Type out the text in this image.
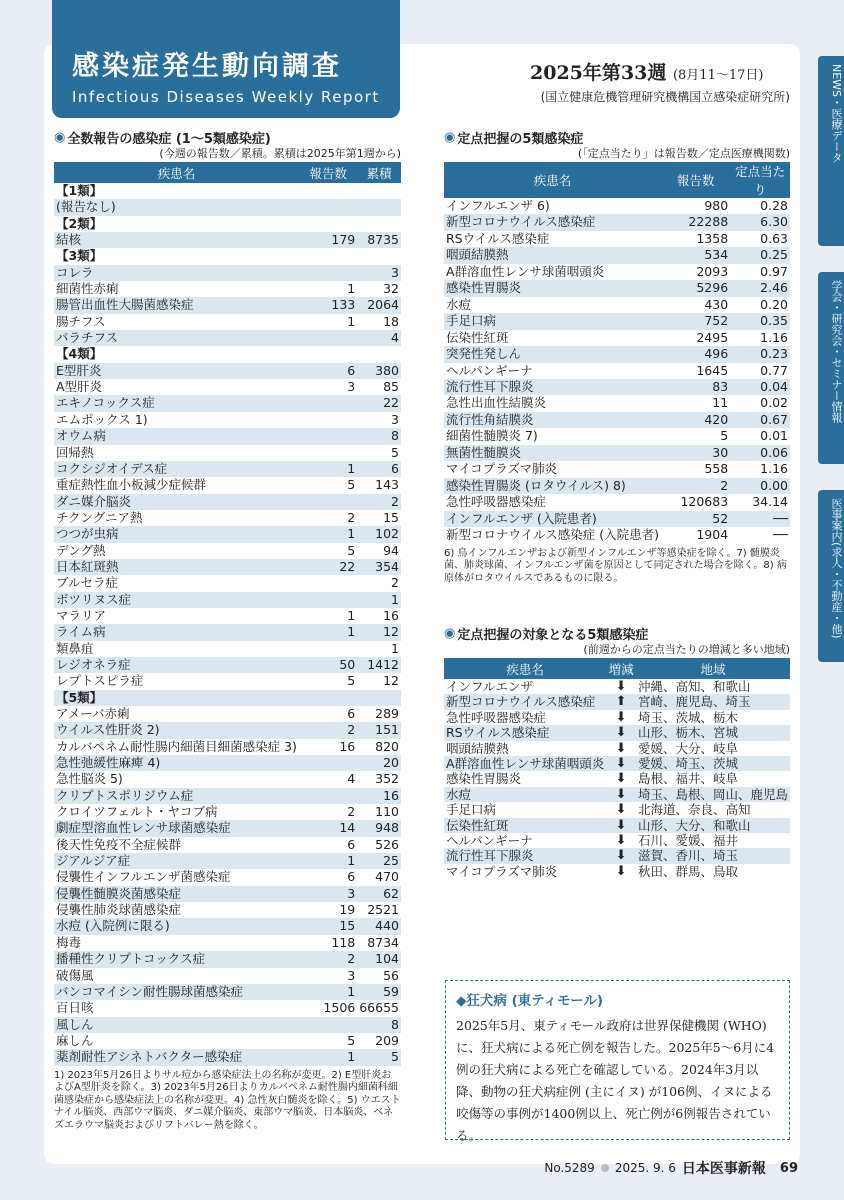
感染症発生動向調査
Infectious Diseases Weekly Report
2025年第33週 (8月11～17日)
(国立健康危機管理研究機構国立感染症研究所)	NEWS・医療データ
学会・研究会・セミナー情報
医事案内(求人・不動産・他)
◉ 全数報告の感染症 (1～5類感染症)
(今週の報告数／累積。累積は2025年第1週から)
疾患名	報告数	累積
【1類】		
(報告なし)		
【2類】		
結核	179	8735
【3類】		
コレラ		3
細菌性赤痢	1	32
腸管出血性大腸菌感染症	133	2064
腸チフス	1	18
パラチフス		4
【4類】		
E型肝炎	6	380
A型肝炎	3	85
エキノコックス症		22
エムポックス 1)		3
オウム病		8
回帰熱		5
コクシジオイデス症	1	6
重症熱性血小板減少症候群	5	143
ダニ媒介脳炎		2
チクングニア熱	2	15
つつが虫病	1	102
デング熱	5	94
日本紅斑熱	22	354
ブルセラ症		2
ボツリヌス症		1
マラリア	1	16
ライム病	1	12
類鼻疽		1
レジオネラ症	50	1412
レプトスピラ症	5	12
【5類】		
アメーバ赤痢	6	289
ウイルス性肝炎 2)	2	151
カルバペネム耐性腸内細菌目細菌感染症 3)	16	820
急性弛緩性麻痺 4)		20
急性脳炎 5)	4	352
クリプトスポリジウム症		16
クロイツフェルト・ヤコブ病	2	110
劇症型溶血性レンサ球菌感染症	14	948
後天性免疫不全症候群	6	526
ジアルジア症	1	25
侵襲性インフルエンザ菌感染症	6	470
侵襲性髄膜炎菌感染症	3	62
侵襲性肺炎球菌感染症	19	2521
水痘 (入院例に限る)	15	440
梅毒	118	8734
播種性クリプトコックス症	2	104
破傷風	3	56
バンコマイシン耐性腸球菌感染症	1	59
百日咳	1506	66655
風しん		8
麻しん	5	209
薬剤耐性アシネトバクター感染症	1	5
1) 2023年5月26日よりサル痘から感染症法上の名称が変更。2) E型肝炎およびA型肝炎を除く。3) 2023年5月26日よりカルバペネム耐性腸内細菌科細菌感染症から感染症法上の名称が変更。4) 急性灰白髄炎を除く。5) ウエストナイル脳炎、西部ウマ脳炎、ダニ媒介脳炎、東部ウマ脳炎、日本脳炎、ベネズエラウマ脳炎およびリフトバレー熱を除く。
◉ 定点把握の5類感染症
(「定点当たり」は報告数／定点医療機関数)
疾患名	報告数	定点当たり
インフルエンザ 6)	980	0.28
新型コロナウイルス感染症	22288	6.30
RSウイルス感染症	1358	0.63
咽頭結膜熱	534	0.25
A群溶血性レンサ球菌咽頭炎	2093	0.97
感染性胃腸炎	5296	2.46
水痘	430	0.20
手足口病	752	0.35
伝染性紅斑	2495	1.16
突発性発しん	496	0.23
ヘルパンギーナ	1645	0.77
流行性耳下腺炎	83	0.04
急性出血性結膜炎	11	0.02
流行性角結膜炎	420	0.67
細菌性髄膜炎 7)	5	0.01
無菌性髄膜炎	30	0.06
マイコプラズマ肺炎	558	1.16
感染性胃腸炎 (ロタウイルス) 8)	2	0.00
急性呼吸器感染症	120683	34.14
インフルエンザ (入院患者)	52	──
新型コロナウイルス感染症 (入院患者)	1904	──
6) 鳥インフルエンザおよび新型インフルエンザ等感染症を除く。7) 髄膜炎菌、肺炎球菌、インフルエンザ菌を原因として同定された場合を除く。8) 病原体がロタウイルスであるものに限る。
◉ 定点把握の対象となる5類感染症
(前週からの定点当たりの増減と多い地域)
疾患名	増減	地域
インフルエンザ	⬇	沖縄、高知、和歌山
新型コロナウイルス感染症	⬆	宮崎、鹿児島、埼玉
急性呼吸器感染症	⬇	埼玉、茨城、栃木
RSウイルス感染症	⬇	山形、栃木、宮城
咽頭結膜熱	⬇	愛媛、大分、岐阜
A群溶血性レンサ球菌咽頭炎	⬇	愛媛、埼玉、茨城
感染性胃腸炎	⬇	島根、福井、岐阜
水痘	⬇	埼玉、島根、岡山、鹿児島
手足口病	⬇	北海道、奈良、高知
伝染性紅斑	⬇	山形、大分、和歌山
ヘルパンギーナ	⬇	石川、愛媛、福井
流行性耳下腺炎	⬇	滋賀、香川、埼玉
マイコプラズマ肺炎	⬇	秋田、群馬、鳥取
◆狂犬病 (東ティモール)

2025年5月、東ティモール政府は世界保健機関 (WHO) に、狂犬病による死亡例を報告した。2025年5～6月に4例の狂犬病による死亡を確認している。2024年3月以降、動物の狂犬病症例 (主にイヌ) が106例、イヌによる咬傷等の事例が1400例以上、死亡例が6例報告されている。

No.5289 2025. 9. 6 日本医事新報 69
